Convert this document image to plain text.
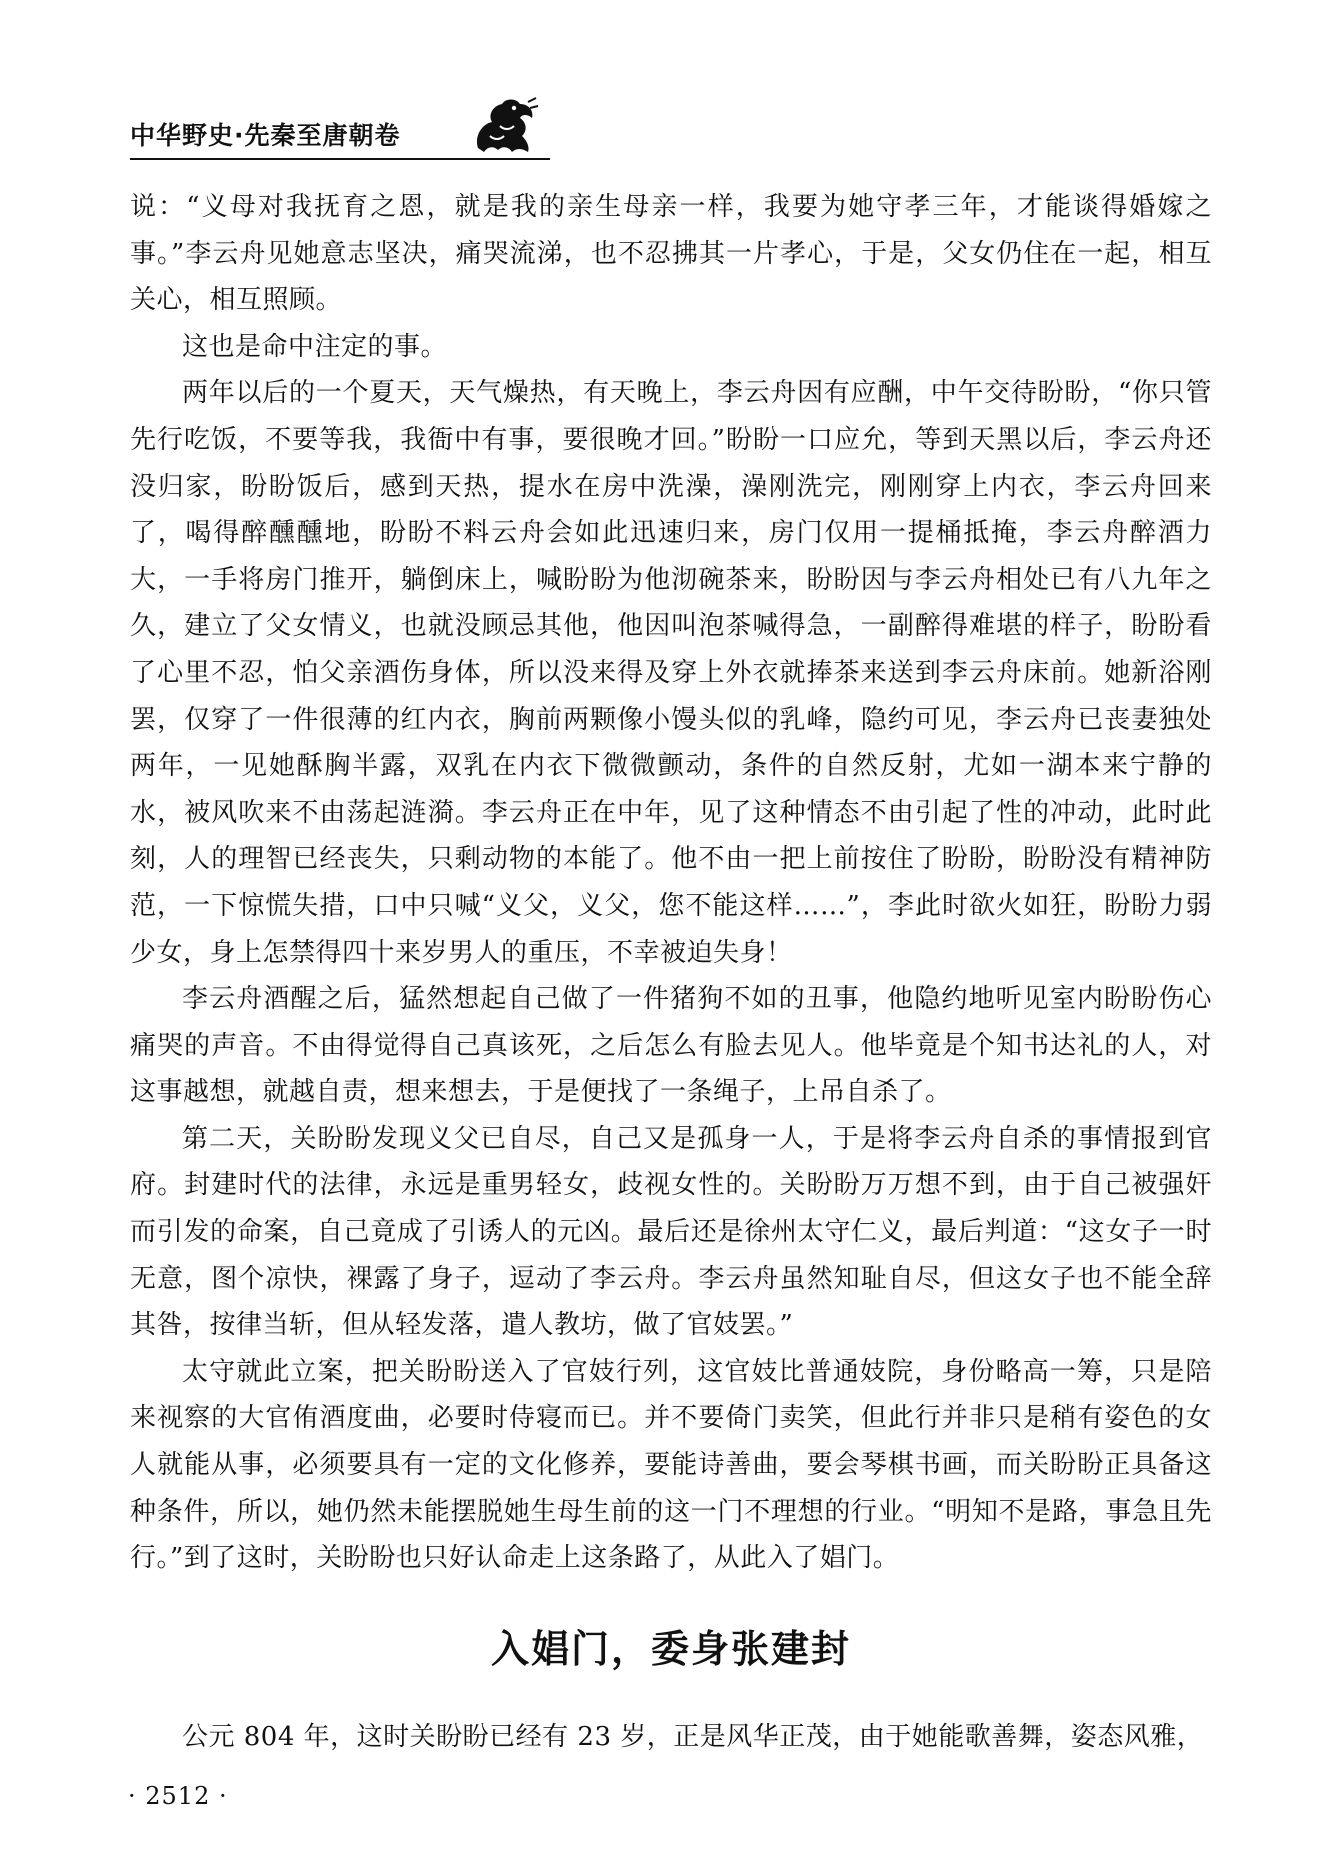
中华野史·先秦至唐朝卷

说：“义母对我抚育之恩，就是我的亲生母亲一样，我要为她守孝三年，才能谈得婚嫁之事。”李云舟见她意志坚决，痛哭流涕，也不忍拂其一片孝心，于是，父女仍住在一起，相互关心，相互照顾。

这也是命中注定的事。

两年以后的一个夏天，天气燥热，有天晚上，李云舟因有应酬，中午交待盼盼，“你只管先行吃饭，不要等我，我衙中有事，要很晚才回。”盼盼一口应允，等到天黑以后，李云舟还没归家，盼盼饭后，感到天热，提水在房中洗澡，澡刚洗完，刚刚穿上内衣，李云舟回来了，喝得醉醺醺地，盼盼不料云舟会如此迅速归来，房门仅用一提桶抵掩，李云舟醉酒力大，一手将房门推开，躺倒床上，喊盼盼为他沏碗茶来，盼盼因与李云舟相处已有八九年之久，建立了父女情义，也就没顾忌其他，他因叫泡茶喊得急，一副醉得难堪的样子，盼盼看了心里不忍，怕父亲酒伤身体，所以没来得及穿上外衣就捧茶来送到李云舟床前。她新浴刚罢，仅穿了一件很薄的红内衣，胸前两颗像小馒头似的乳峰，隐约可见，李云舟已丧妻独处两年，一见她酥胸半露，双乳在内衣下微微颤动，条件的自然反射，尤如一湖本来宁静的水，被风吹来不由荡起涟漪。李云舟正在中年，见了这种情态不由引起了性的冲动，此时此刻，人的理智已经丧失，只剩动物的本能了。他不由一把上前按住了盼盼，盼盼没有精神防范，一下惊慌失措，口中只喊“义父，义父，您不能这样……”，李此时欲火如狂，盼盼力弱少女，身上怎禁得四十来岁男人的重压，不幸被迫失身！

李云舟酒醒之后，猛然想起自己做了一件猪狗不如的丑事，他隐约地听见室内盼盼伤心痛哭的声音。不由得觉得自己真该死，之后怎么有脸去见人。他毕竟是个知书达礼的人，对这事越想，就越自责，想来想去，于是便找了一条绳子，上吊自杀了。

第二天，关盼盼发现义父已自尽，自己又是孤身一人，于是将李云舟自杀的事情报到官府。封建时代的法律，永远是重男轻女，歧视女性的。关盼盼万万想不到，由于自己被强奸而引发的命案，自己竟成了引诱人的元凶。最后还是徐州太守仁义，最后判道：“这女子一时无意，图个凉快，裸露了身子，逗动了李云舟。李云舟虽然知耻自尽，但这女子也不能全辞其咎，按律当斩，但从轻发落，遣人教坊，做了官妓罢。”

太守就此立案，把关盼盼送入了官妓行列，这官妓比普通妓院，身份略高一筹，只是陪来视察的大官侑酒度曲，必要时侍寝而已。并不要倚门卖笑，但此行并非只是稍有姿色的女人就能从事，必须要具有一定的文化修养，要能诗善曲，要会琴棋书画，而关盼盼正具备这种条件，所以，她仍然未能摆脱她生母生前的这一门不理想的行业。“明知不是路，事急且先行。”到了这时，关盼盼也只好认命走上这条路了，从此入了娼门。

入娼门，委身张建封

公元 804 年，这时关盼盼已经有 23 岁，正是风华正茂，由于她能歌善舞，姿态风雅，

· 2512 ·
